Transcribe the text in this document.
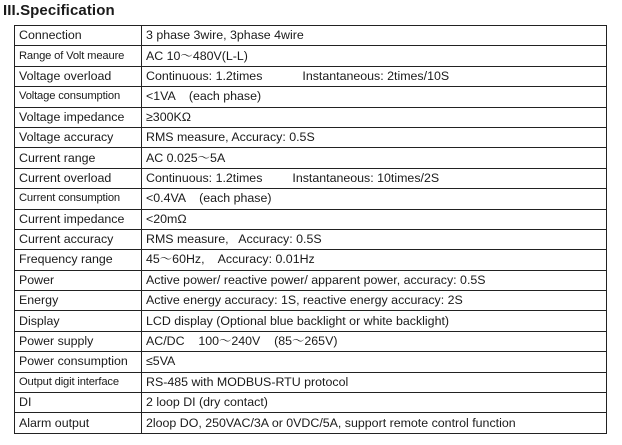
III.Specification
Connection	3 phase 3wire, 3phase 4wire
Range of Volt meaure	AC 10～480V(L-L)
Voltage overload	Continuous: 1.2times Instantaneous: 2times/10S
Voltage consumption	<1VA    (each phase)
Voltage impedance	≥300KΩ
Voltage accuracy	RMS measure, Accuracy: 0.5S
Current range	AC 0.025～5A
Current overload	Continuous: 1.2times Instantaneous: 10times/2S
Current consumption	<0.4VA    (each phase)
Current impedance	<20mΩ
Current accuracy	RMS measure,   Accuracy: 0.5S
Frequency range	45～60Hz,    Accuracy: 0.01Hz
Power	Active power/ reactive power/ apparent power, accuracy: 0.5S
Energy	Active energy accuracy: 1S, reactive energy accuracy: 2S
Display	LCD display (Optional blue backlight or white backlight)
Power supply	AC/DC    100～240V    (85～265V)
Power consumption	≤5VA
Output digit interface	RS-485 with MODBUS-RTU protocol
DI	2 loop DI (dry contact)
Alarm output	2loop DO, 250VAC/3A or 0VDC/5A, support remote control function
